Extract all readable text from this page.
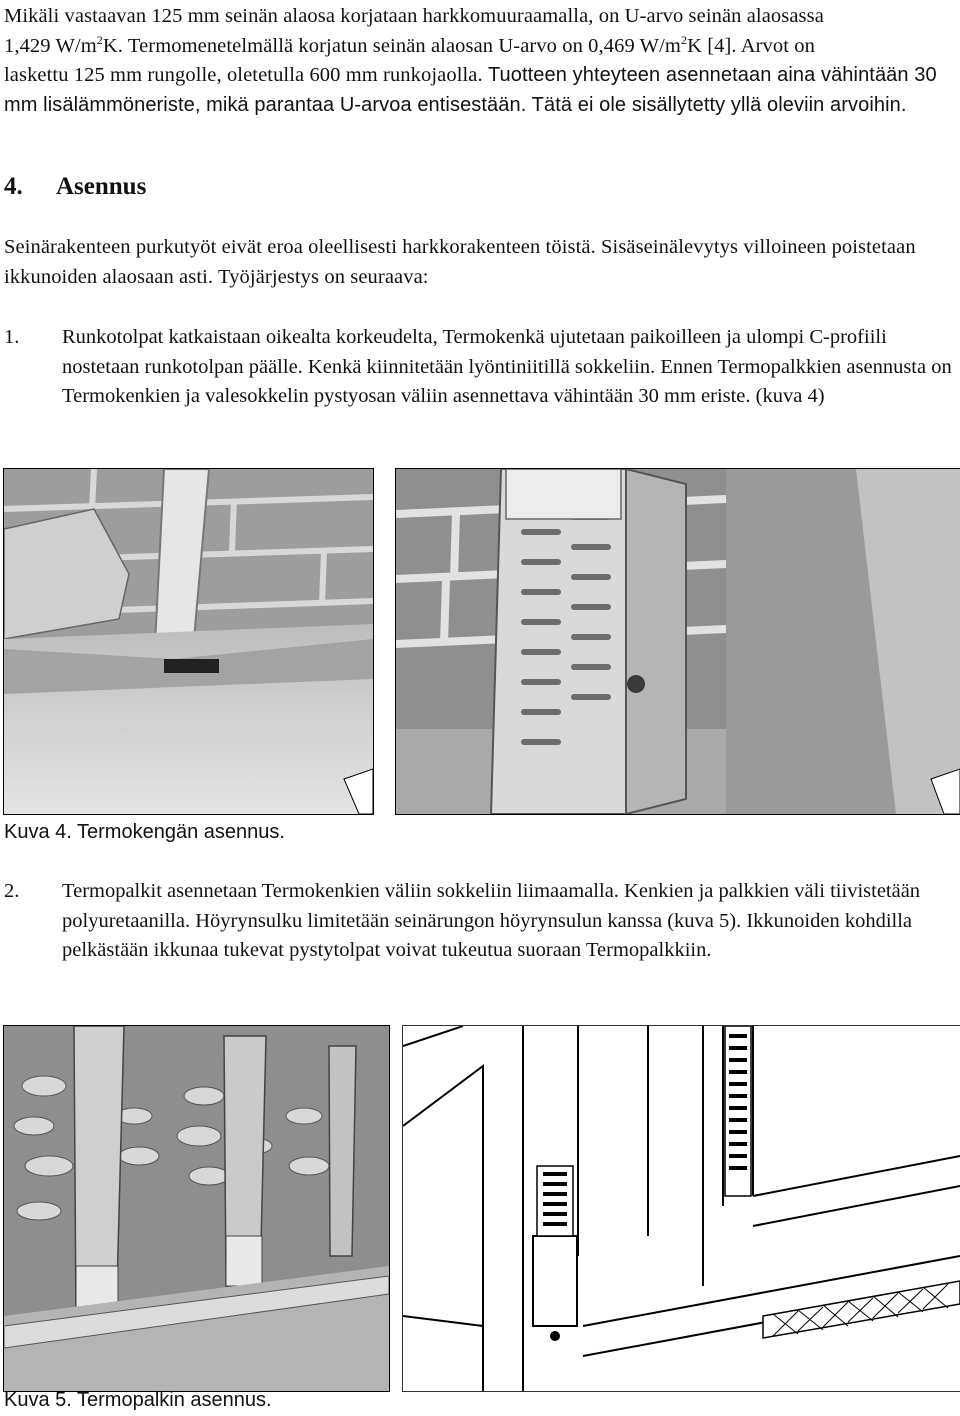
Mikäli vastaavan 125 mm seinän alaosa korjataan harkkomuuraamalla, on U-arvo seinän alaosassa
1,429 $W/m^2K$. Termomenetelmällä korjatun seinän alaosan U-arvo on 0,469 $W/m^2K$ [4]. Arvot on
laskettu 125 mm rungolle, oletetulla 600 mm runkojaolla. Tuotteen yhteyteen asennetaan aina vähintään 30 mm lisälämmöneriste, mikä parantaa U-arvoa entisestään. Tätä ei ole sisällytetty yllä oleviin arvoihin.
4. Asennus

Seinärakenteen purkutyöt eivät eroa oleellisesti harkkorakenteen töistä. Sisäseinälevytys villoineen poistetaan ikkunoiden alaosaan asti. Työjärjestys on seuraava:

1. Runkotolpat katkaistaan oikealta korkeudelta, Termokenkä ujutetaan paikoilleen ja ulompi C-profiili nostetaan runkotolpan päälle. Kenkä kiinnitetään lyöntiniitillä sokkeliin. Ennen Termopalkkien asennusta on Termokenkien ja valesokkelin pystyosan väliin asennettava vähintään 30 mm eriste. (kuva 4)

Kuva 4. Termokengän asennus.

2. Termopalkit asennetaan Termokenkien väliin sokkeliin liimaamalla. Kenkien ja palkkien väli tiivistetään polyuretaanilla. Höyrynsulku limitetään seinärungon höyrynsulun kanssa (kuva 5). Ikkunoiden kohdilla pelkästään ikkunaa tukevat pystytolpat voivat tukeutua suoraan Termopalkkiin.

Kuva 5. Termopalkin asennus.
